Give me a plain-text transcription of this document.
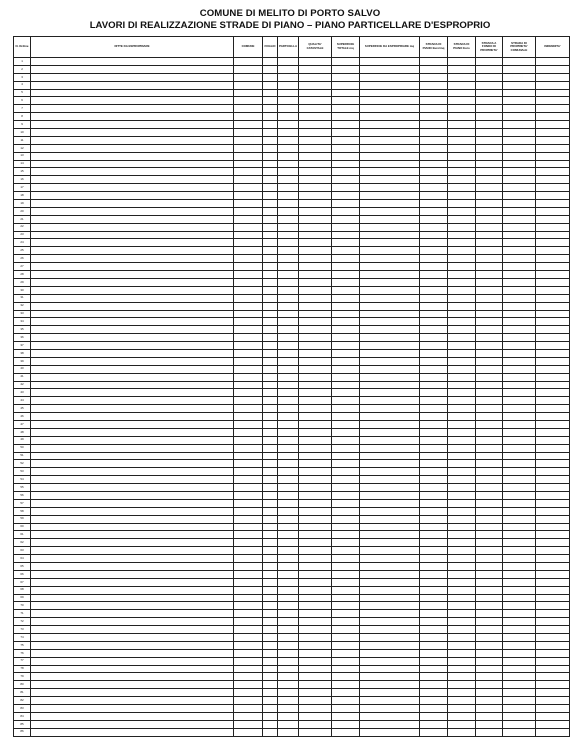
COMUNE DI MELITO DI PORTO SALVO
LAVORI DI REALIZZAZIONE STRADE DI PIANO – PIANO PARTICELLARE D'ESPROPRIO
N. Ordine	DITTE DA ESPROPRIARE	COMUNE	FOGLIO	PARTICELLA	QUALITA' CATASTALE	SUPERFICIE TOTALE mq	SUPERFICIE DA ESPROPRIARE mq	STRADA DI PIANO Euro/mq	STRADA DI PIANO Euro	STRADA A FONDO DI PROPRIETA'	STRADA DI PROPRIETA' COMUNALE	INDENNITA'
1												
2												
3												
4												
5												
6												
7												
8												
9												
10												
11												
12												
13												
14												
15												
16												
17												
18												
19												
20												
21												
22												
23												
24												
25												
26												
27												
28												
29												
30												
31												
32												
33												
34												
35												
36												
37												
38												
39												
40												
41												
42												
43												
44												
45												
46												
47												
48												
49												
50												
51												
52												
53												
54												
55												
56												
57												
58												
59												
60												
61												
62												
63												
64												
65												
66												
67												
68												
69												
70												
71												
72												
73												
74												
75												
76												
77												
78												
79												
80												
81												
82												
83												
84												
85												
86												
